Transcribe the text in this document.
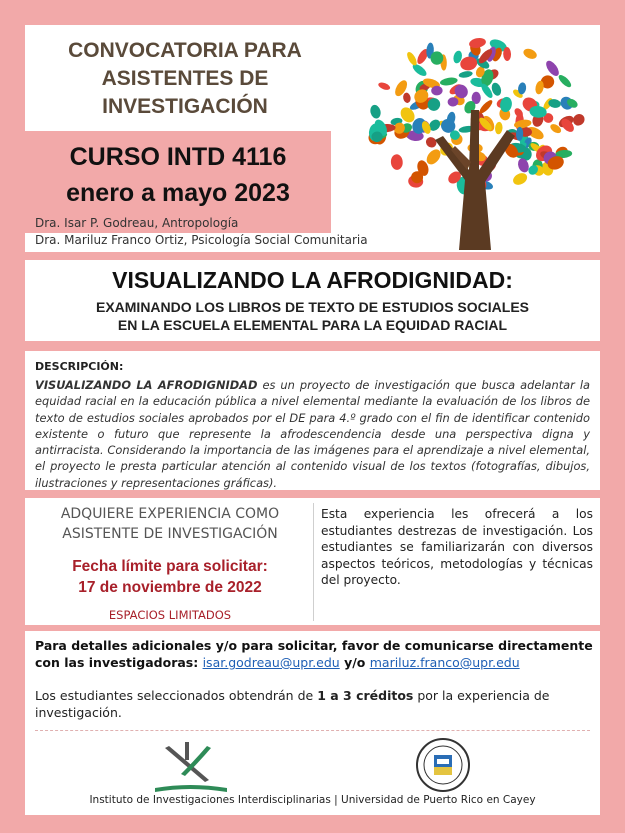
CONVOCATORIA PARA
ASISTENTES DE
INVESTIGACIÓN
CURSO INTD 4116
enero a mayo 2023
Dra. Isar P. Godreau, Antropología
Dra. Mariluz Franco Ortiz, Psicología Social Comunitaria
VISUALIZANDO LA AFRODIGNIDAD:
EXAMINANDO LOS LIBROS DE TEXTO DE ESTUDIOS SOCIALES
EN LA ESCUELA ELEMENTAL PARA LA EQUIDAD RACIAL
DESCRIPCIÓN:
VISUALIZANDO LA AFRODIGNIDAD es un proyecto de investigación que busca adelantar la equidad racial en la educación pública a nivel elemental mediante la evaluación de los libros de texto de estudios sociales aprobados por el DE para 4.º grado con el fin de identificar contenido existente o futuro que represente la afrodescendencia desde una perspectiva digna y antirracista. Considerando la importancia de las imágenes para el aprendizaje a nivel elemental, el proyecto le presta particular atención al contenido visual de los textos (fotografías, dibujos, ilustraciones y representaciones gráficas).
ADQUIERE EXPERIENCIA COMO
ASISTENTE DE INVESTIGACIÓN
Fecha límite para solicitar:
17 de noviembre de 2022
ESPACIOS LIMITADOS
Esta experiencia les ofrecerá a los estudiantes destrezas de investigación. Los estudiantes se familiarizarán con diversos aspectos teóricos, metodologías y técnicas del proyecto.
Para detalles adicionales y/o para solicitar, favor de comunicarse directamente con las investigadoras: isar.godreau@upr.edu y/o mariluz.franco@upr.edu
Los estudiantes seleccionados obtendrán de 1 a 3 créditos por la experiencia de investigación.
Instituto de Investigaciones Interdisciplinarias | Universidad de Puerto Rico en Cayey
